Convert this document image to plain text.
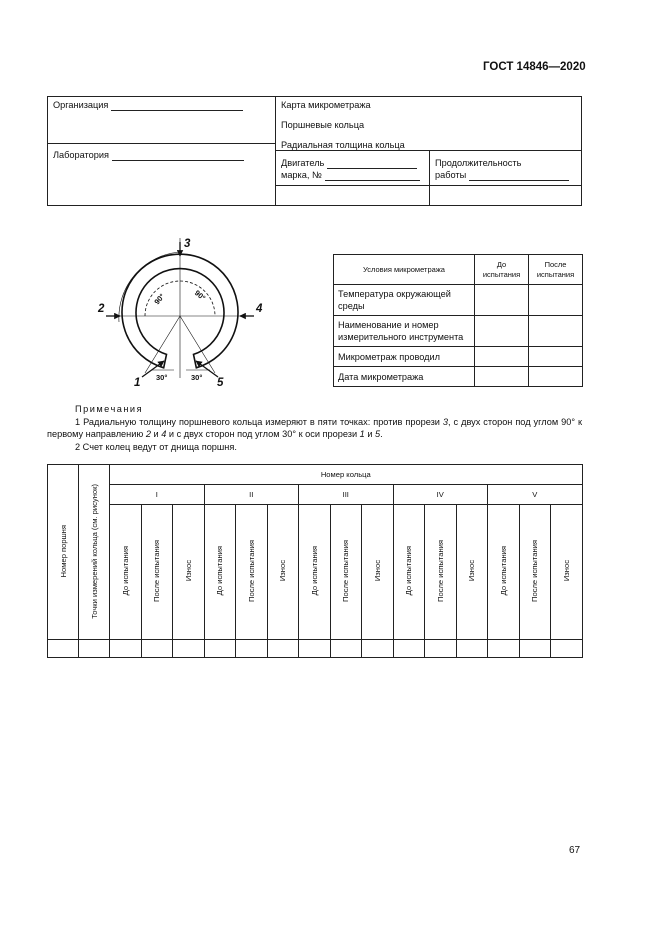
ГОСТ 14846—2020
Организация
Лаборатория
Карта микрометража
Поршневые кольца
Радиальная толщина кольца
Двигатель
марка, №
Продолжительность
работы
3
2	4
1	5
90°	90°
30°	30°
Условия микрометража	До испытания	После испытания
Температура окружающей среды		
Наименование и номер измерительного инструмента		
Микрометраж проводил		
Дата микрометража		
Примечания

1 Радиальную толщину поршневого кольца измеряют в пяти точках: против прорези 3, с двух сторон под углом 90° к первому направлению 2 и 4 и с двух сторон под углом 30° к оси прорези 1 и 5.

2 Счет колец ведут от днища поршня.

Номер поршня	Точки измерений кольца (см. рисунок)	Номер кольца														
		I			II			III			IV			V		
		До испытания	После испытания	Износ	До испытания	После испытания	Износ	До испытания	После испытания	Износ	До испытания	После испытания	Износ	До испытания	После испытания	Износ

67
